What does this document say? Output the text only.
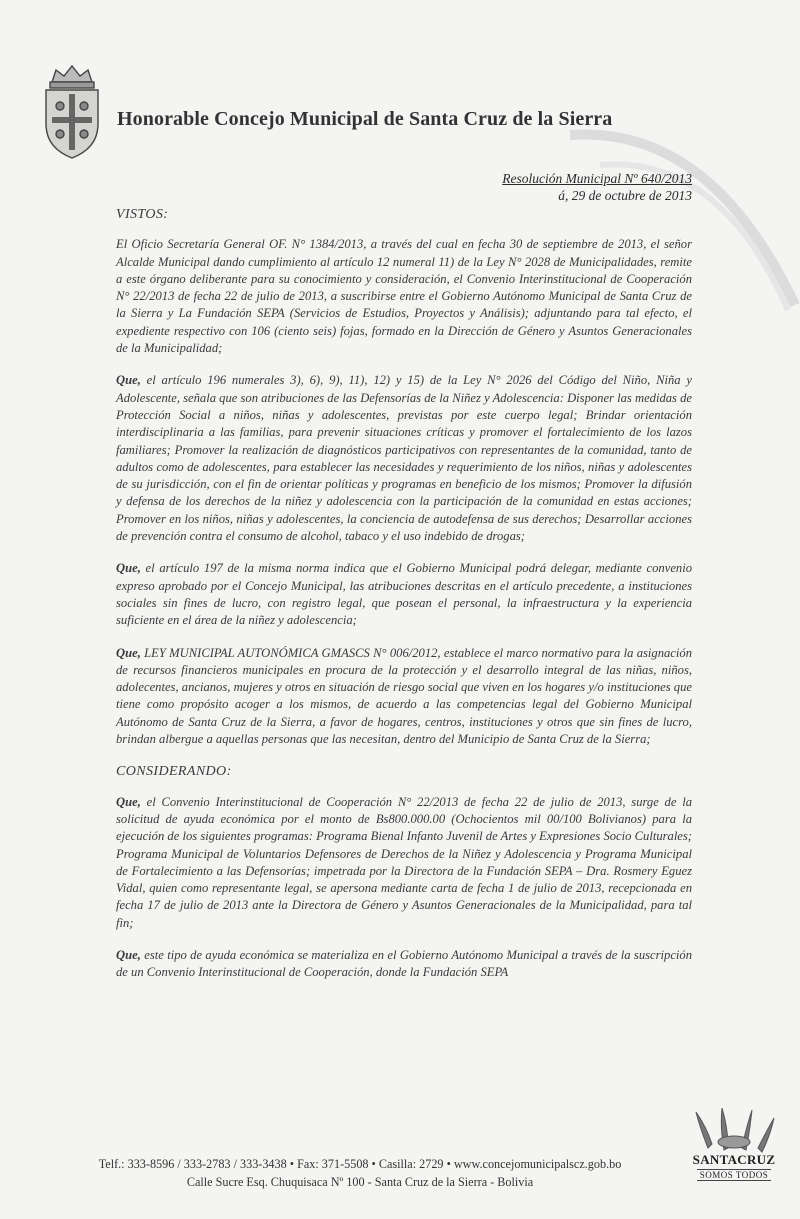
Honorable Concejo Municipal de Santa Cruz de la Sierra
Resolución Municipal Nº 640/2013
á, 29 de octubre de 2013

VISTOS:

El Oficio Secretaría General OF. N° 1384/2013, a través del cual en fecha 30 de septiembre de 2013, el señor Alcalde Municipal dando cumplimiento al artículo 12 numeral 11) de la Ley N° 2028 de Municipalidades, remite a este órgano deliberante para su conocimiento y consideración, el Convenio Interinstitucional de Cooperación N° 22/2013 de fecha 22 de julio de 2013, a suscribirse entre el Gobierno Autónomo Municipal de Santa Cruz de la Sierra y La Fundación SEPA (Servicios de Estudios, Proyectos y Análisis); adjuntando para tal efecto, el expediente respectivo con 106 (ciento seis) fojas, formado en la Dirección de Género y Asuntos Generacionales de la Municipalidad;

Que, el artículo 196 numerales 3), 6), 9), 11), 12) y 15) de la Ley N° 2026 del Código del Niño, Niña y Adolescente, señala que son atribuciones de las Defensorías de la Niñez y Adolescencia: Disponer las medidas de Protección Social a niños, niñas y adolescentes, previstas por este cuerpo legal; Brindar orientación interdisciplinaria a las familias, para prevenir situaciones críticas y promover el fortalecimiento de los lazos familiares; Promover la realización de diagnósticos participativos con representantes de la comunidad, tanto de adultos como de adolescentes, para establecer las necesidades y requerimiento de los niños, niñas y adolescentes de su jurisdicción, con el fin de orientar políticas y programas en beneficio de los mismos; Promover la difusión y defensa de los derechos de la niñez y adolescencia con la participación de la comunidad en estas acciones; Promover en los niños, niñas y adolescentes, la conciencia de autodefensa de sus derechos; Desarrollar acciones de prevención contra el consumo de alcohol, tabaco y el uso indebido de drogas;

Que, el artículo 197 de la misma norma indica que el Gobierno Municipal podrá delegar, mediante convenio expreso aprobado por el Concejo Municipal, las atribuciones descritas en el artículo precedente, a instituciones sociales sin fines de lucro, con registro legal, que posean el personal, la infraestructura y la experiencia suficiente en el área de la niñez y adolescencia;

Que, LEY MUNICIPAL AUTONÓMICA GMASCS N° 006/2012, establece el marco normativo para la asignación de recursos financieros municipales en procura de la protección y el desarrollo integral de las niñas, niños, adolecentes, ancianos, mujeres y otros en situación de riesgo social que viven en los hogares y/o instituciones que tiene como propósito acoger a los mismos, de acuerdo a las competencias legal del Gobierno Municipal Autónomo de Santa Cruz de la Sierra, a favor de hogares, centros, instituciones y otros que sin fines de lucro, brindan albergue a aquellas personas que las necesitan, dentro del Municipio de Santa Cruz de la Sierra;

CONSIDERANDO:

Que, el Convenio Interinstitucional de Cooperación N° 22/2013 de fecha 22 de julio de 2013, surge de la solicitud de ayuda económica por el monto de Bs800.000.00 (Ochocientos mil 00/100 Bolivianos) para la ejecución de los siguientes programas: Programa Bienal Infanto Juvenil de Artes y Expresiones Socio Culturales; Programa Municipal de Voluntarios Defensores de Derechos de la Niñez y Adolescencia y Programa Municipal de Fortalecimiento a las Defensorías; impetrada por la Directora de la Fundación SEPA – Dra. Rosmery Eguez Vidal, quien como representante legal, se apersona mediante carta de fecha 1 de julio de 2013, recepcionada en fecha 17 de julio de 2013 ante la Directora de Género y Asuntos Generacionales de la Municipalidad, para tal fin;

Que, este tipo de ayuda económica se materializa en el Gobierno Autónomo Municipal a través de la suscripción de un Convenio Interinstitucional de Cooperación, donde la Fundación SEPA

Telf.: 333-8596 / 333-2783 / 333-3438 • Fax: 371-5508 • Casilla: 2729 • www.concejomunicipalscz.gob.bo
Calle Sucre Esq. Chuquisaca Nº 100 - Santa Cruz de la Sierra - Bolivia
SANTACRUZ
SOMOS TODOS
